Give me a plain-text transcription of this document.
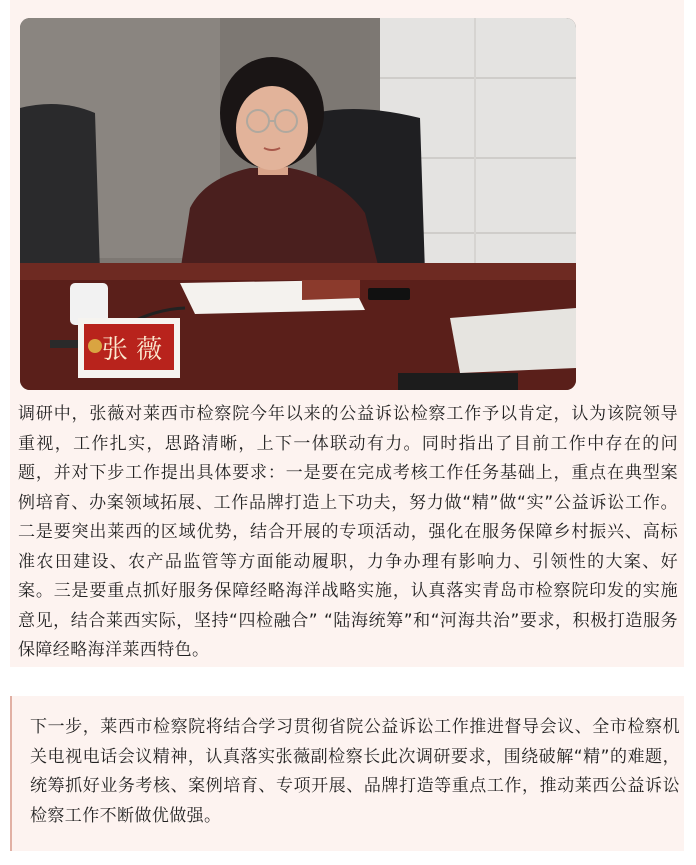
张 薇

调研中，张薇对莱西市检察院今年以来的公益诉讼检察工作予以肯定，认为该院领导重视，工作扎实，思路清晰，上下一体联动有力。同时指出了目前工作中存在的问题，并对下步工作提出具体要求：一是要在完成考核工作任务基础上，重点在典型案例培育、办案领域拓展、工作品牌打造上下功夫，努力做“精”做“实”公益诉讼工作。二是要突出莱西的区域优势，结合开展的专项活动，强化在服务保障乡村振兴、高标准农田建设、农产品监管等方面能动履职，力争办理有影响力、引领性的大案、好案。三是要重点抓好服务保障经略海洋战略实施，认真落实青岛市检察院印发的实施意见，结合莱西实际，坚持“四检融合” “陆海统筹”和“河海共治”要求，积极打造服务保障经略海洋莱西特色。

下一步，莱西市检察院将结合学习贯彻省院公益诉讼工作推进督导会议、全市检察机关电视电话会议精神，认真落实张薇副检察长此次调研要求，围绕破解“精”的难题，统筹抓好业务考核、案例培育、专项开展、品牌打造等重点工作，推动莱西公益诉讼检察工作不断做优做强。
